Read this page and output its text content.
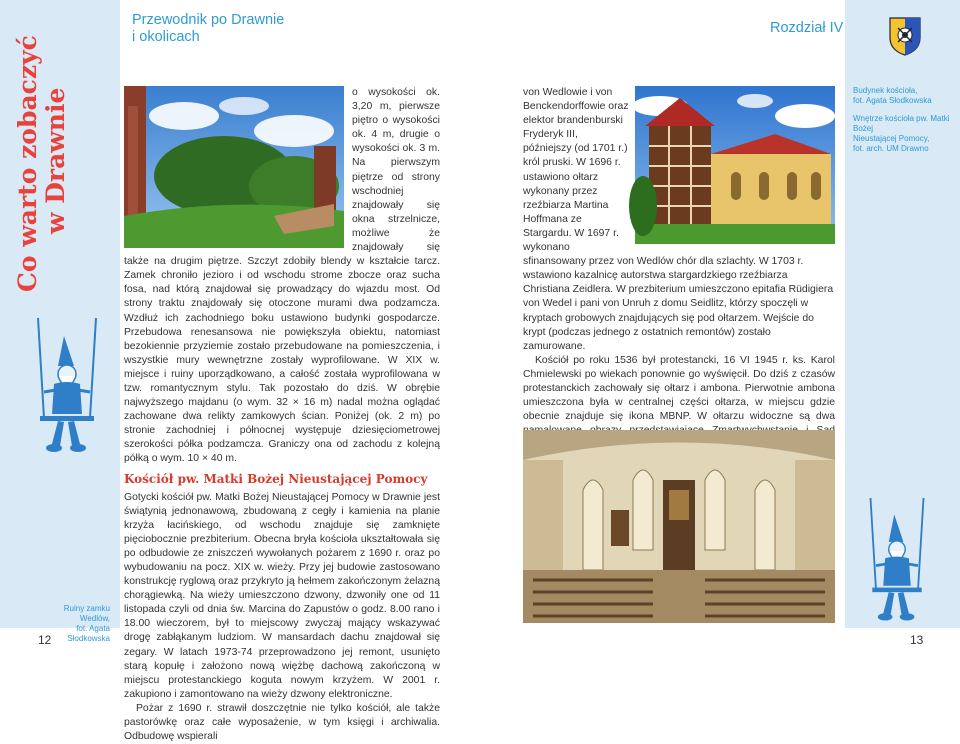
Przewodnik po Drawnie
i okolicach
Rozdział IV
Co warto zobaczyć w Drawnie
Ruiny zamku Wedlów,
fot. Agata Słodkowska

Budynek kościoła,
fot. Agata Słodkowska

Wnętrze kościoła pw. Matki Bożej
Nieustającej Pomocy,
fot. arch. UM Drawno

12	13

o wysokości ok. 3,20 m, pierwsze piętro o wysokości ok. 4 m, drugie o wysokości ok. 3 m. Na pierwszym piętrze od strony wschodniej znajdowały się okna strzelnicze, możliwe że znajdowały się także na drugim piętrze. Szczyt zdobiły blendy w kształcie tarcz. Zamek chroniło jezioro i od wschodu strome zbocze oraz sucha fosa, nad którą znajdował się prowadzący do wjazdu most. Od strony traktu znajdowały się otoczone murami dwa podzamcza. Wzdłuż ich zachodniego boku ustawiono budynki gospodarcze. Przebudowa renesansowa nie powiększyła obiektu, natomiast bezokiennie przyziemie zostało przebudowane na pomieszczenia, i wszystkie mury wewnętrzne zostały wyprofilowane. W XIX w. miejsce i ruiny uporządkowano, a całość została wyprofilowana w tzw. romantycznym stylu. Tak pozostało do dziś. W obrębie najwyższego majdanu (o wym. 32 × 16 m) nadal można oglądać zachowane dwa relikty zamkowych ścian. Poniżej (ok. 2 m) po stronie zachodniej i północnej występuje dziesięciometrowej szerokości półka podzamcza. Graniczy ona od zachodu z kolejną półką o wym. 10 × 40 m.

Kościół pw. Matki Bożej Nieustającej Pomocy

Gotycki kościół pw. Matki Bożej Nieustającej Pomocy w Drawnie jest świątynią jednonawową, zbudowaną z cegły i kamienia na planie krzyża łacińskiego, od wschodu znajduje się zamknięte pięciobocznie prezbiterium. Obecna bryła kościoła ukształtowała się po odbudowie ze zniszczeń wywołanych pożarem z 1690 r. oraz po wybudowaniu na pocz. XIX w. wieży. Przy jej budowie zastosowano konstrukcję ryglową oraz przykryto ją hełmem zakończonym żelazną chorągiewką. Na wieży umieszczono dzwony, dzwoniły one od 11 listopada czyli od dnia św. Marcina do Zapustów o godz. 8.00 rano i 18.00 wieczorem, był to miejscowy zwyczaj mający wskazywać drogę zabłąkanym ludziom. W mansardach dachu znajdował się zegary. W latach 1973-74 przeprowadzono jej remont, usunięto starą kopułę i założono nową więżbę dachową zakończoną w miejscu protestanckiego koguta nowym krzyżem. W 2001 r. zakupiono i zamontowano na wieży dzwony elektroniczne.

Pożar z 1690 r. strawił doszczętnie nie tylko kościół, ale także pastorówkę oraz całe wyposażenie, w tym księgi i archiwalia. Odbudowę wspierali

von Wedlowie i von Benckendorffowie oraz elektor brandenburski Fryderyk III, późniejszy (od 1701 r.) król pruski. W 1696 r. ustawiono ołtarz wykonany przez rzeźbiarza Martina Hoffmana ze Stargardu. W 1697 r. wykonano sfinansowany przez von Wedlów chór dla szlachty. W 1703 r. wstawiono kazalnicę autorstwa stargardzkiego rzeźbiarza Christiana Zeidlera. W prezbiterium umieszczono epitafia Rüdigiera von Wedel i pani von Unruh z domu Seidlitz, którzy spoczęli w kryptach grobowych znajdujących się pod ołtarzem. Wejście do krypt (podczas jednego z ostatnich remontów) zostało zamurowane.

Kościół po roku 1536 był protestancki, 16 VI 1945 r. ks. Karol Chmielewski po wiekach ponownie go wyświęcił. Do dziś z czasów protestanckich zachowały się ołtarz i ambona. Pierwotnie ambona umieszczona była w centralnej części ołtarza, w miejscu gdzie obecnie znajduje się ikona MBNP. W ołtarzu widoczne są dwa
